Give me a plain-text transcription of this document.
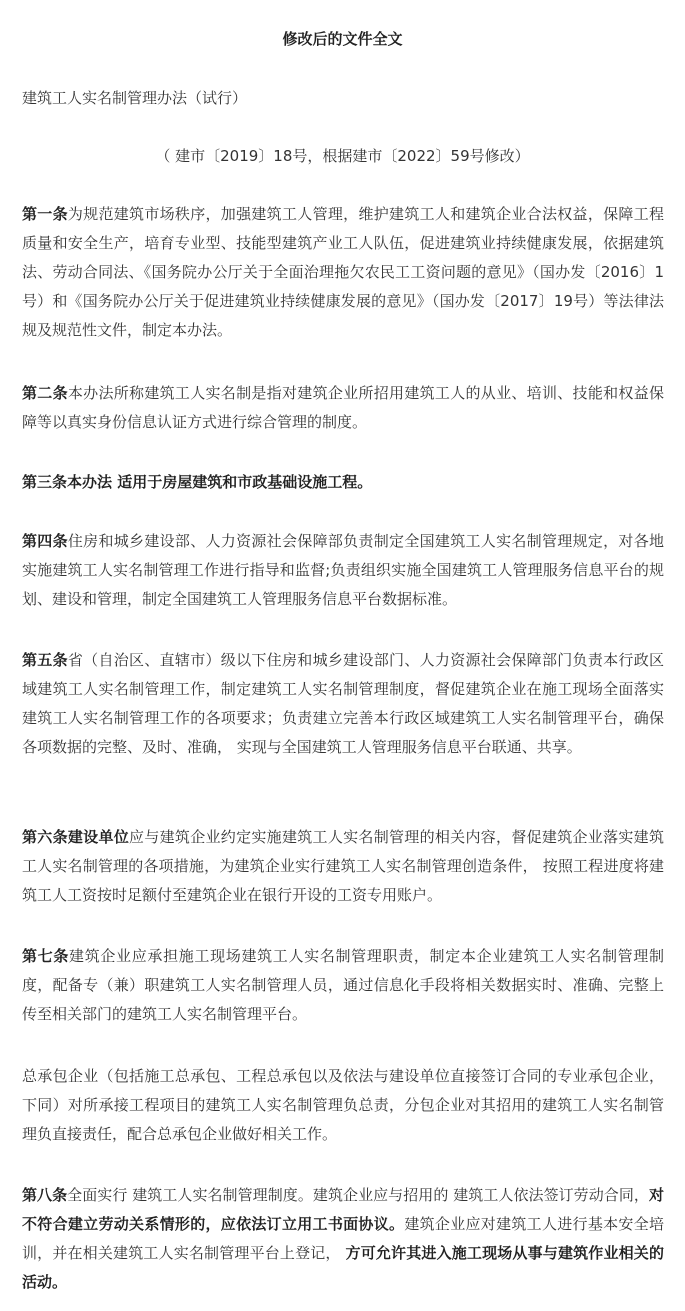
修改后的文件全文
建筑工人实名制管理办法（试行）
（ 建市〔2019〕18号，根据建市〔2022〕59号修改）

第一条为规范建筑市场秩序，加强建筑工人管理，维护建筑工人和建筑企业合法权益，保障工程质量和安全生产，培育专业型、技能型建筑产业工人队伍，促进建筑业持续健康发展，依据建筑法、劳动合同法、《国务院办公厅关于全面治理拖欠农民工工资问题的意见》（国办发〔2016〕1号）和《国务院办公厅关于促进建筑业持续健康发展的意见》（国办发〔2017〕19号）等法律法规及规范性文件，制定本办法。

第二条本办法所称建筑工人实名制是指对建筑企业所招用建筑工人的从业、培训、技能和权益保障等以真实身份信息认证方式进行综合管理的制度。

第三条本办法 适用于房屋建筑和市政基础设施工程。

第四条住房和城乡建设部、人力资源社会保障部负责制定全国建筑工人实名制管理规定，对各地实施建筑工人实名制管理工作进行指导和监督;负责组织实施全国建筑工人管理服务信息平台的规划、建设和管理，制定全国建筑工人管理服务信息平台数据标准。

第五条省（自治区、直辖市）级以下住房和城乡建设部门、人力资源社会保障部门负责本行政区域建筑工人实名制管理工作，制定建筑工人实名制管理制度，督促建筑企业在施工现场全面落实建筑工人实名制管理工作的各项要求；负责建立完善本行政区域建筑工人实名制管理平台，确保各项数据的完整、及时、准确， 实现与全国建筑工人管理服务信息平台联通、共享。

第六条建设单位应与建筑企业约定实施建筑工人实名制管理的相关内容，督促建筑企业落实建筑工人实名制管理的各项措施，为建筑企业实行建筑工人实名制管理创造条件， 按照工程进度将建筑工人工资按时足额付至建筑企业在银行开设的工资专用账户。

第七条建筑企业应承担施工现场建筑工人实名制管理职责，制定本企业建筑工人实名制管理制度，配备专（兼）职建筑工人实名制管理人员，通过信息化手段将相关数据实时、准确、完整上传至相关部门的建筑工人实名制管理平台。

总承包企业（包括施工总承包、工程总承包以及依法与建设单位直接签订合同的专业承包企业，下同）对所承接工程项目的建筑工人实名制管理负总责，分包企业对其招用的建筑工人实名制管理负直接责任，配合总承包企业做好相关工作。

第八条全面实行 建筑工人实名制管理制度。建筑企业应与招用的 建筑工人依法签订劳动合同，对不符合建立劳动关系情形的，应依法订立用工书面协议。建筑企业应对建筑工人进行基本安全培训，并在相关建筑工人实名制管理平台上登记， 方可允许其进入施工现场从事与建筑作业相关的活动。
